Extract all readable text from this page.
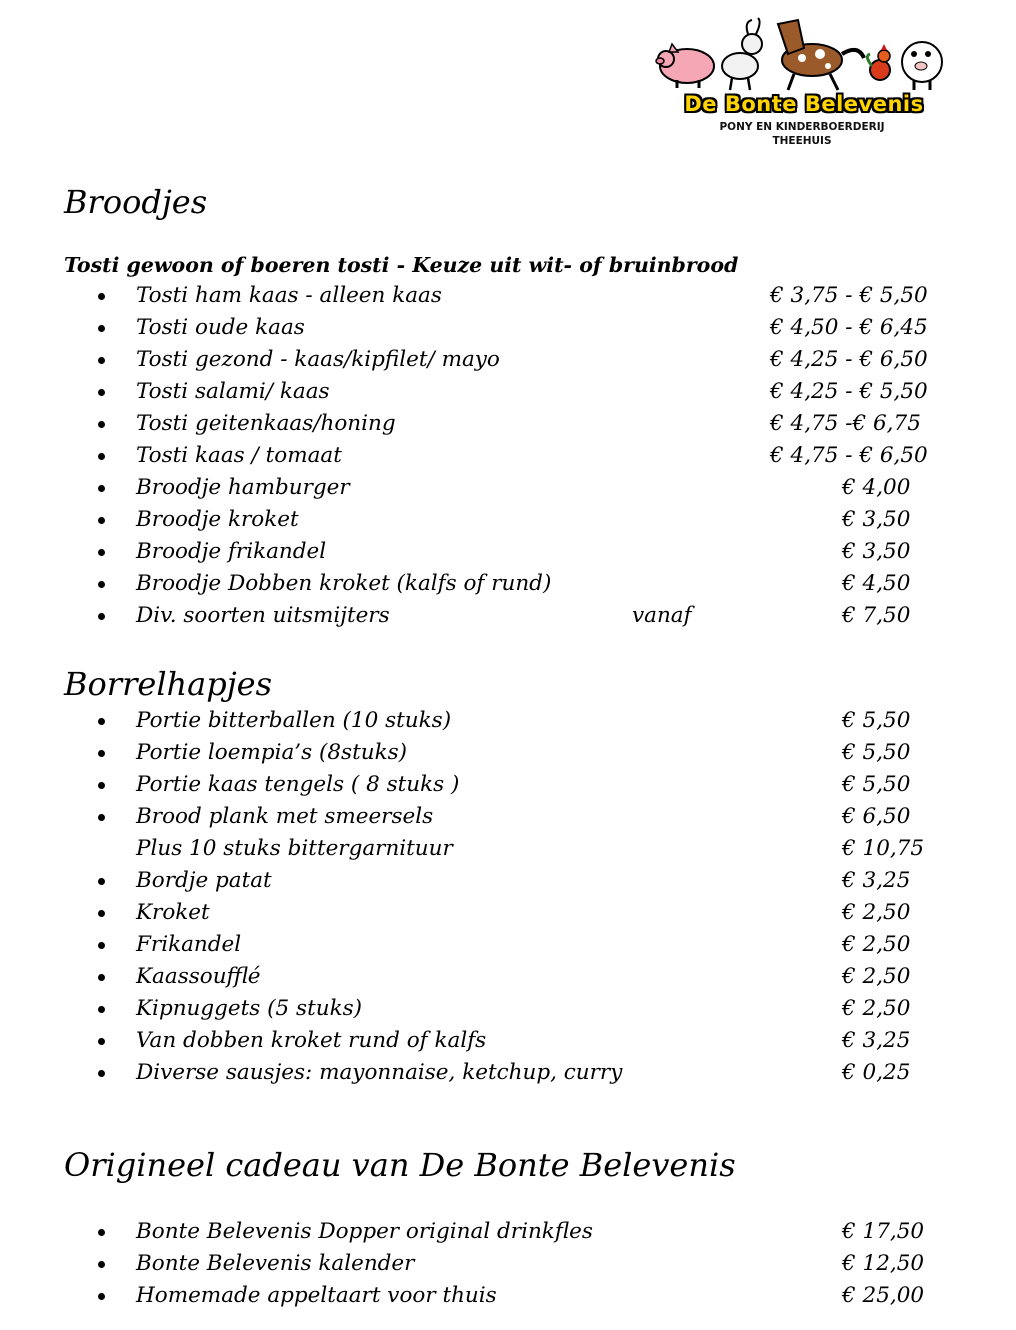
De Bonte Belevenis
PONY EN KINDERBOERDERIJ
THEEHUIS
Broodjes
Tosti gewoon of boeren tosti - Keuze uit wit- of bruinbrood
Tosti ham kaas - alleen kaas	€ 3,75 - € 5,50
Tosti oude kaas	€ 4,50 - € 6,45
Tosti gezond - kaas/kipfilet/ mayo	€ 4,25 - € 6,50
Tosti salami/ kaas	€ 4,25 - € 5,50
Tosti geitenkaas/honing	€ 4,75 -€ 6,75
Tosti kaas / tomaat	€ 4,75 - € 6,50
Broodje hamburger	€ 4,00
Broodje kroket	€ 3,50
Broodje frikandel	€ 3,50
Broodje Dobben kroket (kalfs of rund)	€ 4,50
Div. soorten uitsmijters	vanaf	€ 7,50
Borrelhapjes
Portie bitterballen (10 stuks)	€ 5,50
Portie loempia’s (8stuks)	€ 5,50
Portie kaas tengels ( 8 stuks )	€ 5,50
Brood plank met smeersels	€ 6,50
Plus 10 stuks bittergarnituur	€ 10,75
Bordje patat	€ 3,25
Kroket	€ 2,50
Frikandel	€ 2,50
Kaassoufflé	€ 2,50
Kipnuggets (5 stuks)	€ 2,50
Van dobben kroket rund of kalfs	€ 3,25
Diverse sausjes: mayonnaise, ketchup, curry	€ 0,25
Origineel cadeau van De Bonte Belevenis
Bonte Belevenis Dopper original drinkfles	€ 17,50
Bonte Belevenis kalender	€ 12,50
Homemade appeltaart voor thuis	€ 25,00
